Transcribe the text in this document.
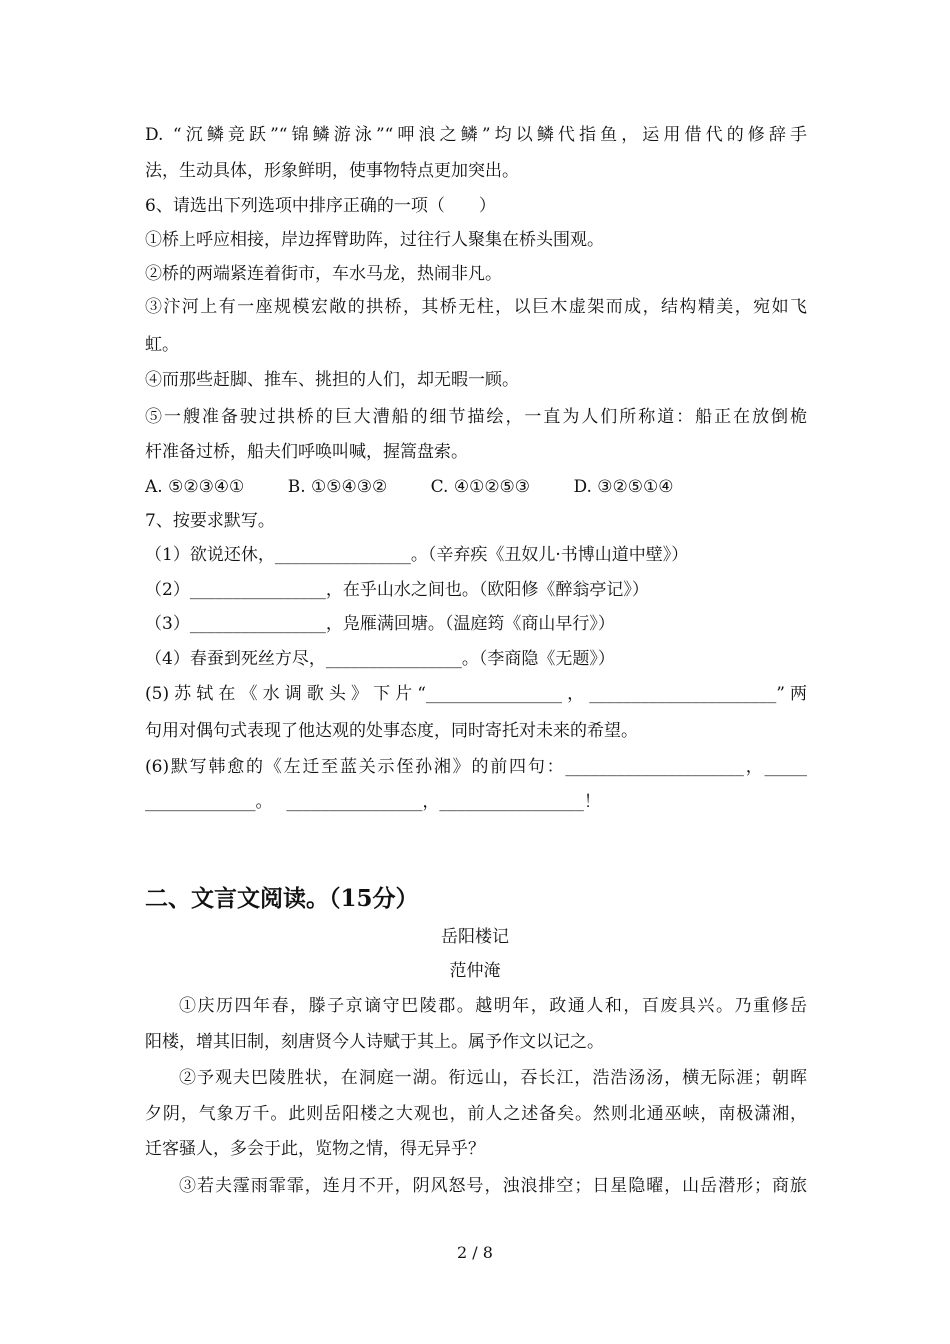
D. “沉鳞竞跃”“锦鳞游泳”“呷浪之鳞”均以鳞代指鱼，运用借代的修辞手
法，生动具体，形象鲜明，使事物特点更加突出。
6、请选出下列选项中排序正确的一项（　　）
①桥上呼应相接，岸边挥臂助阵，过往行人聚集在桥头围观。
②桥的两端紧连着街市，车水马龙，热闹非凡。
③汴河上有一座规模宏敞的拱桥，其桥无柱，以巨木虚架而成，结构精美，宛如飞
虹。
④而那些赶脚、推车、挑担的人们，却无暇一顾。
⑤一艘准备驶过拱桥的巨大漕船的细节描绘，一直为人们所称道：船正在放倒桅
杆准备过桥，船夫们呼唤叫喊，握篙盘索。
A. ⑤②③④①	B. ①⑤④③②	C. ④①②⑤③	D. ③②⑤①④
7、按要求默写。
（1）欲说还休，________________。（辛弃疾《丑奴儿·书博山道中壁》）
（2）________________，在乎山水之间也。（欧阳修《醉翁亭记》）
（3）________________，凫雁满回塘。（温庭筠《商山早行》）
（4）春蚕到死丝方尽，________________。（李商隐《无题》）
(5)苏轼在《水调歌头》下片“________________，______________________”两
句用对偶句式表现了他达观的处事态度，同时寄托对未来的希望。
(6)默写韩愈的《左迁至蓝关示侄孙湘》的前四句：_____________________，_____
_____________。　 ________________，_________________！
二、文言文阅读。（15分）
岳阳楼记
范仲淹
①庆历四年春，滕子京谪守巴陵郡。越明年，政通人和，百废具兴。乃重修岳
阳楼，增其旧制，刻唐贤今人诗赋于其上。属予作文以记之。
②予观夫巴陵胜状，在洞庭一湖。衔远山，吞长江，浩浩汤汤，横无际涯；朝晖
夕阴，气象万千。此则岳阳楼之大观也，前人之述备矣。然则北通巫峡，南极潇湘，
迁客骚人，多会于此，览物之情，得无异乎？
③若夫霪雨霏霏，连月不开，阴风怒号，浊浪排空；日星隐曜，山岳潜形；商旅
2 / 8
